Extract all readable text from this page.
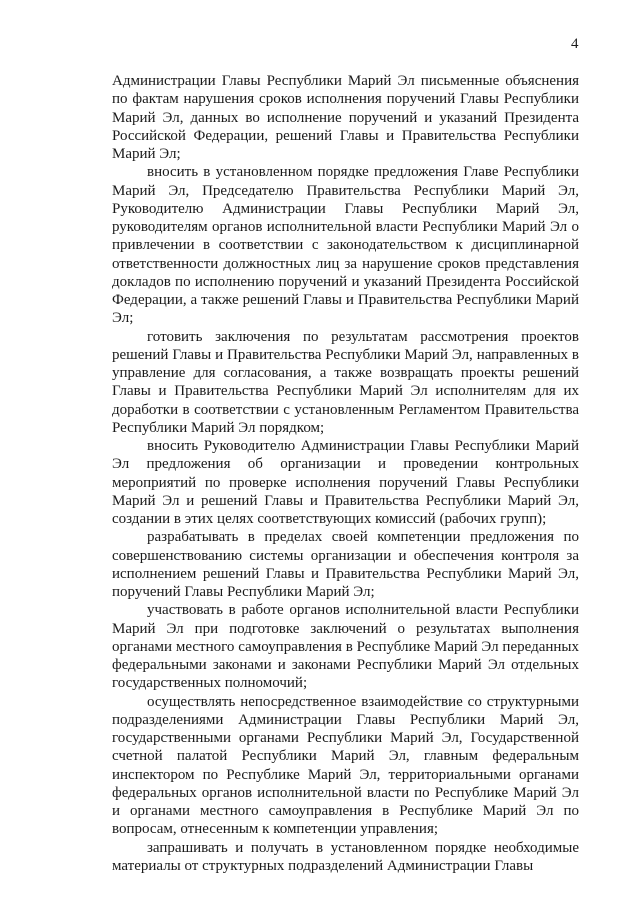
4

Администрации Главы Республики Марий Эл письменные объяснения по фактам нарушения сроков исполнения поручений Главы Республики Марий Эл, данных во исполнение поручений и указаний Президента Российской Федерации, решений Главы и Правительства Республики Марий Эл;

вносить в установленном порядке предложения Главе Республики Марий Эл, Председателю Правительства Республики Марий Эл, Руководителю Администрации Главы Республики Марий Эл, руководителям органов исполнительной власти Республики Марий Эл о привлечении в соответствии с законодательством к дисциплинарной ответственности должностных лиц за нарушение сроков представления докладов по исполнению поручений и указаний Президента Российской Федерации, а также решений Главы и Правительства Республики Марий Эл;

готовить заключения по результатам рассмотрения проектов решений Главы и Правительства Республики Марий Эл, направленных в управление для согласования, а также возвращать проекты решений Главы и Правительства Республики Марий Эл исполнителям для их доработки в соответствии с установленным Регламентом Правительства Республики Марий Эл порядком;

вносить Руководителю Администрации Главы Республики Марий Эл предложения об организации и проведении контрольных мероприятий по проверке исполнения поручений Главы Республики Марий Эл и решений Главы и Правительства Республики Марий Эл, создании в этих целях соответствующих комиссий (рабочих групп);

разрабатывать в пределах своей компетенции предложения по совершенствованию системы организации и обеспечения контроля за исполнением решений Главы и Правительства Республики Марий Эл, поручений Главы Республики Марий Эл;

участвовать в работе органов исполнительной власти Республики Марий Эл при подготовке заключений о результатах выполнения органами местного самоуправления в Республике Марий Эл переданных федеральными законами и законами Республики Марий Эл отдельных государственных полномочий;

осуществлять непосредственное взаимодействие со структурными подразделениями Администрации Главы Республики Марий Эл, государственными органами Республики Марий Эл, Государственной счетной палатой Республики Марий Эл, главным федеральным инспектором по Республике Марий Эл, территориальными органами федеральных органов исполнительной власти по Республике Марий Эл и органами местного самоуправления в Республике Марий Эл по вопросам, отнесенным к компетенции управления;

запрашивать и получать в установленном порядке необходимые материалы от структурных подразделений Администрации Главы
